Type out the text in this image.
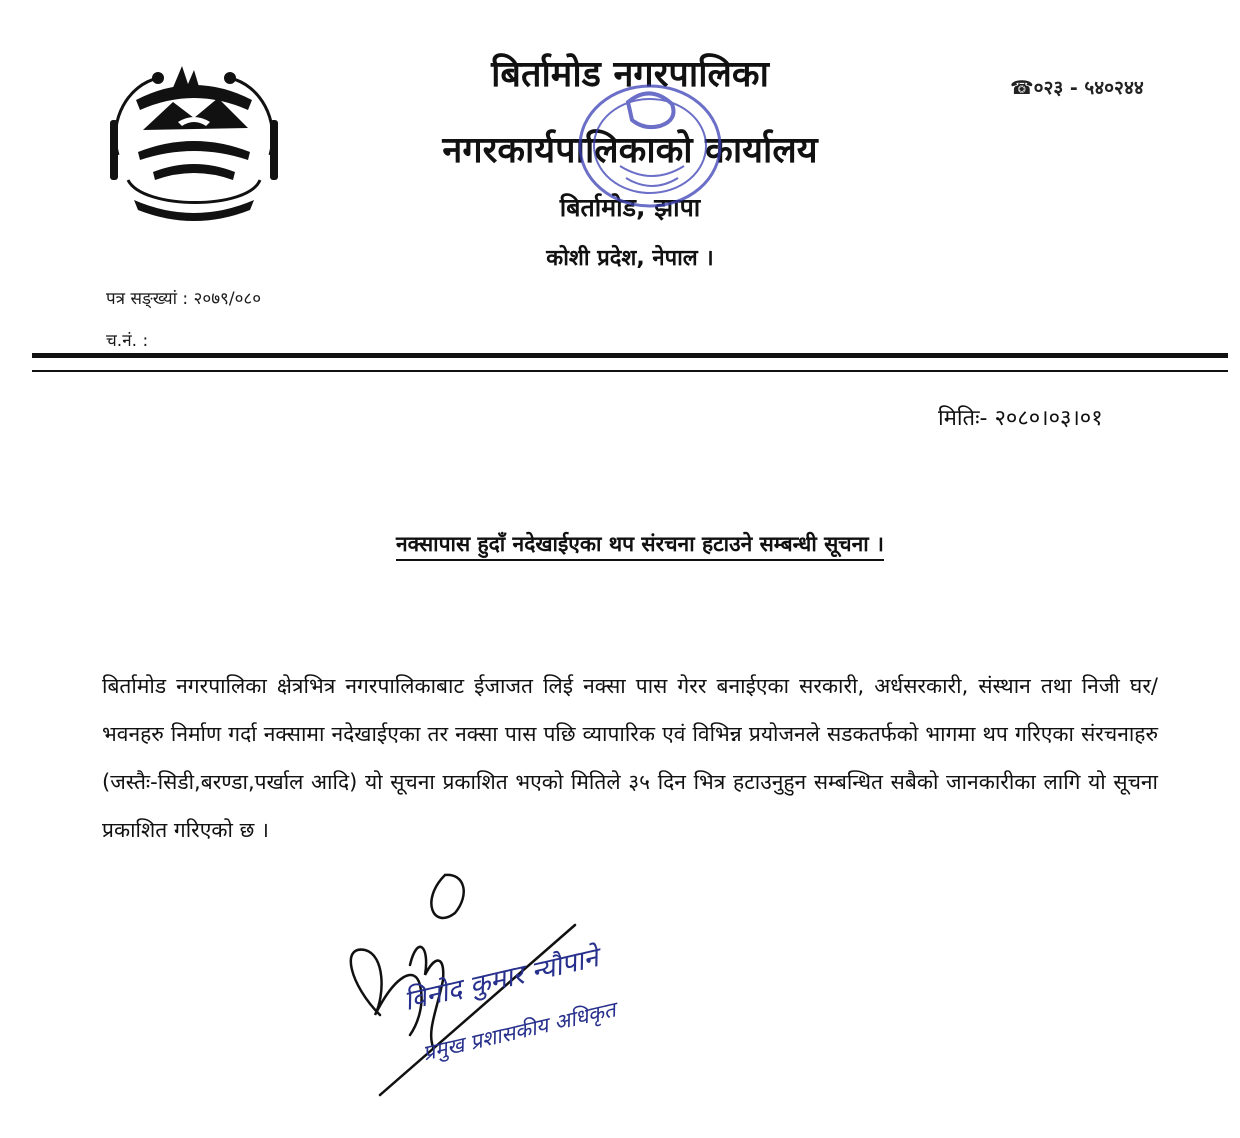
बिर्तामोड नगरपालिका
नगरकार्यपालिकाको कार्यालय
बिर्तामोड, झापा
कोशी प्रदेश, नेपाल ।
☎०२३ - ५४०२४४
पत्र सङ्ख्यां : २०७९/०८०
च.नं. :
मितिः- २०८०।०३।०१
नक्सापास हुदाँ नदेखाईएका थप संरचना हटाउने सम्बन्धी सूचना ।
बिर्तामोड नगरपालिका क्षेत्रभित्र नगरपालिकाबाट ईजाजत लिई नक्सा पास गेरर बनाईएका सरकारी, अर्धसरकारी, संस्थान तथा निजी घर/ भवनहरु निर्माण गर्दा नक्सामा नदेखाईएका तर नक्सा पास पछि व्यापारिक एवं विभिन्न प्रयोजनले सडकतर्फको भागमा थप गरिएका संरचनाहरु (जस्तैः-सिडी,बरण्डा,पर्खाल आदि) यो सूचना प्रकाशित भएको मितिले ३५ दिन भित्र हटाउनुहुन सम्बन्धित सबैको जानकारीका लागि यो सूचना प्रकाशित गरिएको छ ।
विनोद कुमार न्यौपाने
प्रमुख प्रशासकीय अधिकृत
